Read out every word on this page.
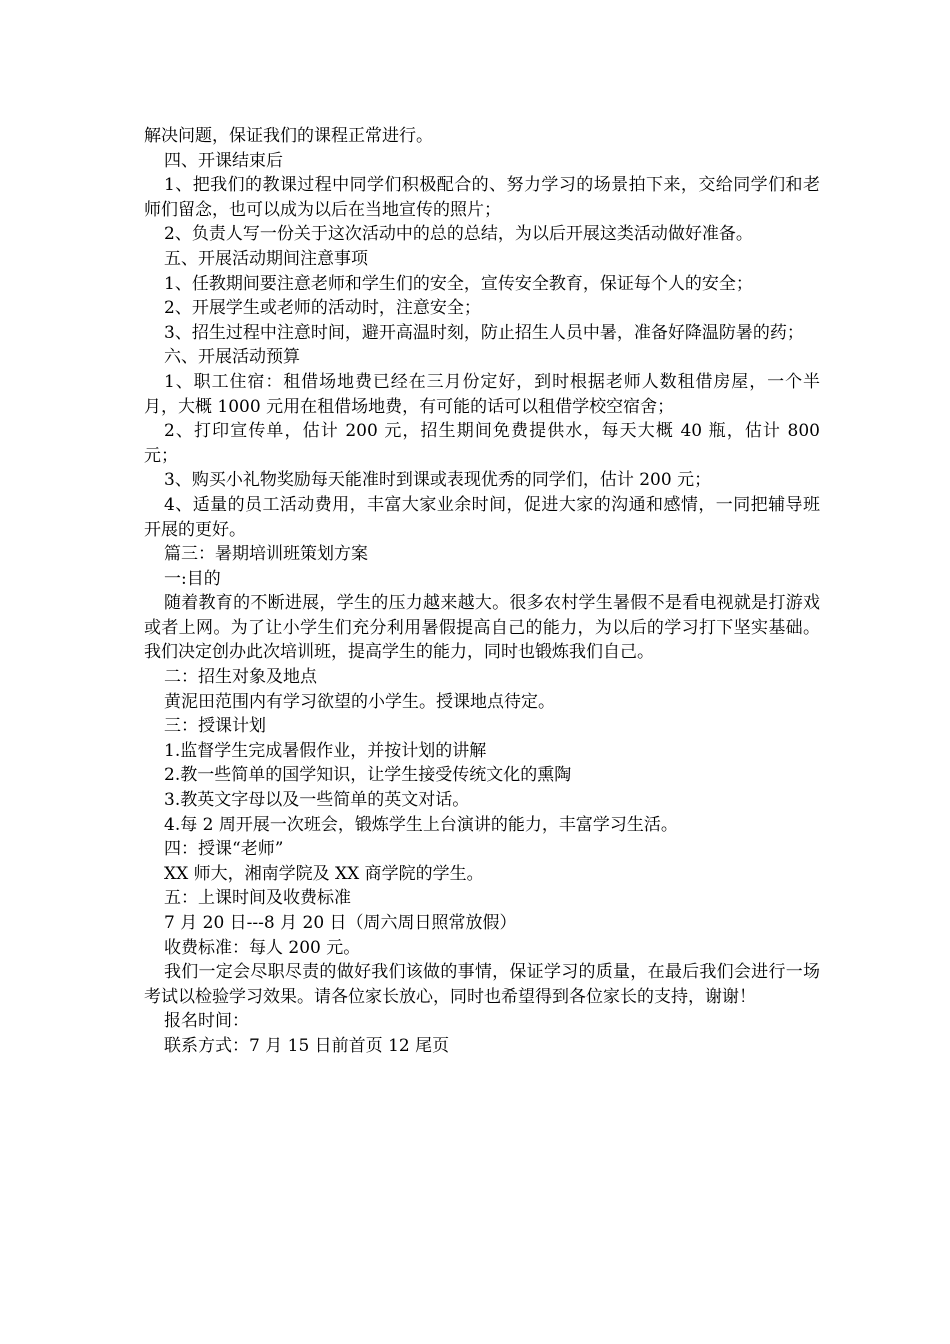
解决问题，保证我们的课程正常进行。

四、开课结束后

1、把我们的教课过程中同学们积极配合的、努力学习的场景拍下来，交给同学们和老师们留念，也可以成为以后在当地宣传的照片；

2、负责人写一份关于这次活动中的总的总结，为以后开展这类活动做好准备。

五、开展活动期间注意事项

1、任教期间要注意老师和学生们的安全，宣传安全教育，保证每个人的安全；

2、开展学生或老师的活动时，注意安全；

3、招生过程中注意时间，避开高温时刻，防止招生人员中暑，准备好降温防暑的药；

六、开展活动预算

1、职工住宿：租借场地费已经在三月份定好，到时根据老师人数租借房屋，一个半月，大概 1000 元用在租借场地费，有可能的话可以租借学校空宿舍；

2、打印宣传单，估计 200 元，招生期间免费提供水，每天大概 40 瓶，估计 800 元；

3、购买小礼物奖励每天能准时到课或表现优秀的同学们，估计 200 元；

4、适量的员工活动费用，丰富大家业余时间，促进大家的沟通和感情，一同把辅导班开展的更好。

篇三：暑期培训班策划方案

一:目的

随着教育的不断进展，学生的压力越来越大。很多农村学生暑假不是看电视就是打游戏或者上网。为了让小学生们充分利用暑假提高自己的能力，为以后的学习打下坚实基础。我们决定创办此次培训班，提高学生的能力，同时也锻炼我们自己。

二：招生对象及地点

黄泥田范围内有学习欲望的小学生。授课地点待定。

三：授课计划

1.监督学生完成暑假作业，并按计划的讲解

2.教一些简单的国学知识，让学生接受传统文化的熏陶

3.教英文字母以及一些简单的英文对话。

4.每 2 周开展一次班会，锻炼学生上台演讲的能力，丰富学习生活。

四：授课“老师”

XX 师大，湘南学院及 XX 商学院的学生。

五：上课时间及收费标准

7 月 20 日---8 月 20 日（周六周日照常放假）

收费标准：每人 200 元。

我们一定会尽职尽责的做好我们该做的事情，保证学习的质量，在最后我们会进行一场考试以检验学习效果。请各位家长放心，同时也希望得到各位家长的支持，谢谢！

报名时间：

联系方式：7 月 15 日前首页 12 尾页
